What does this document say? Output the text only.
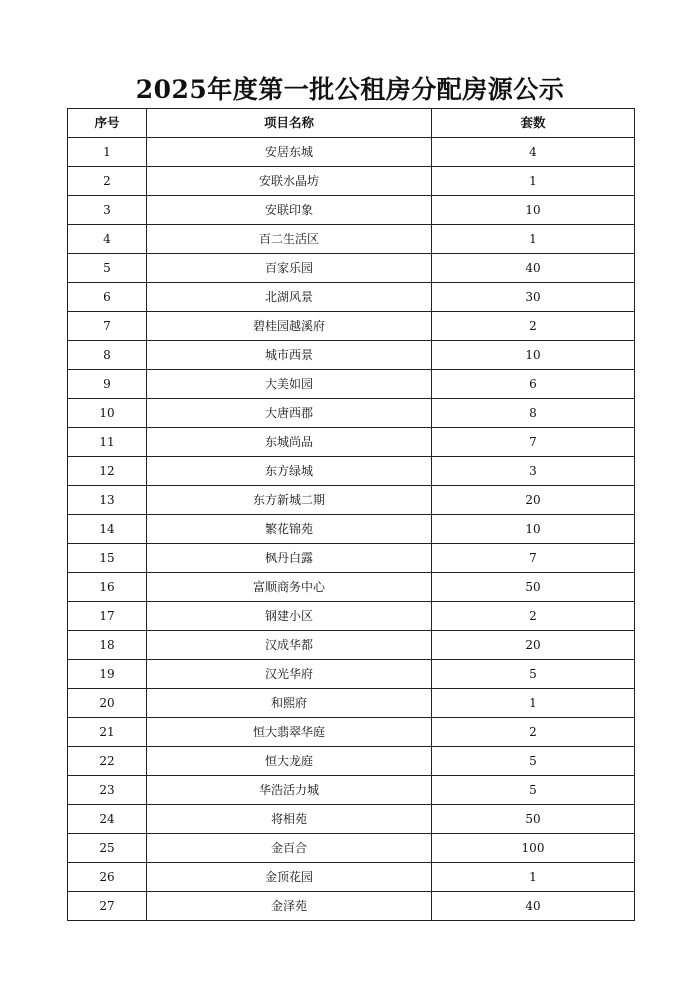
2025年度第一批公租房分配房源公示
序号	项目名称	套数
1	安居东城	4
2	安联水晶坊	1
3	安联印象	10
4	百二生活区	1
5	百家乐园	40
6	北湖风景	30
7	碧桂园越溪府	2
8	城市西景	10
9	大美如园	6
10	大唐西郡	8
11	东城尚品	7
12	东方绿城	3
13	东方新城二期	20
14	繁花锦苑	10
15	枫丹白露	7
16	富顺商务中心	50
17	钢建小区	2
18	汉成华都	20
19	汉光华府	5
20	和熙府	1
21	恒大翡翠华庭	2
22	恒大龙庭	5
23	华浩活力城	5
24	将相苑	50
25	金百合	100
26	金顶花园	1
27	金泽苑	40
